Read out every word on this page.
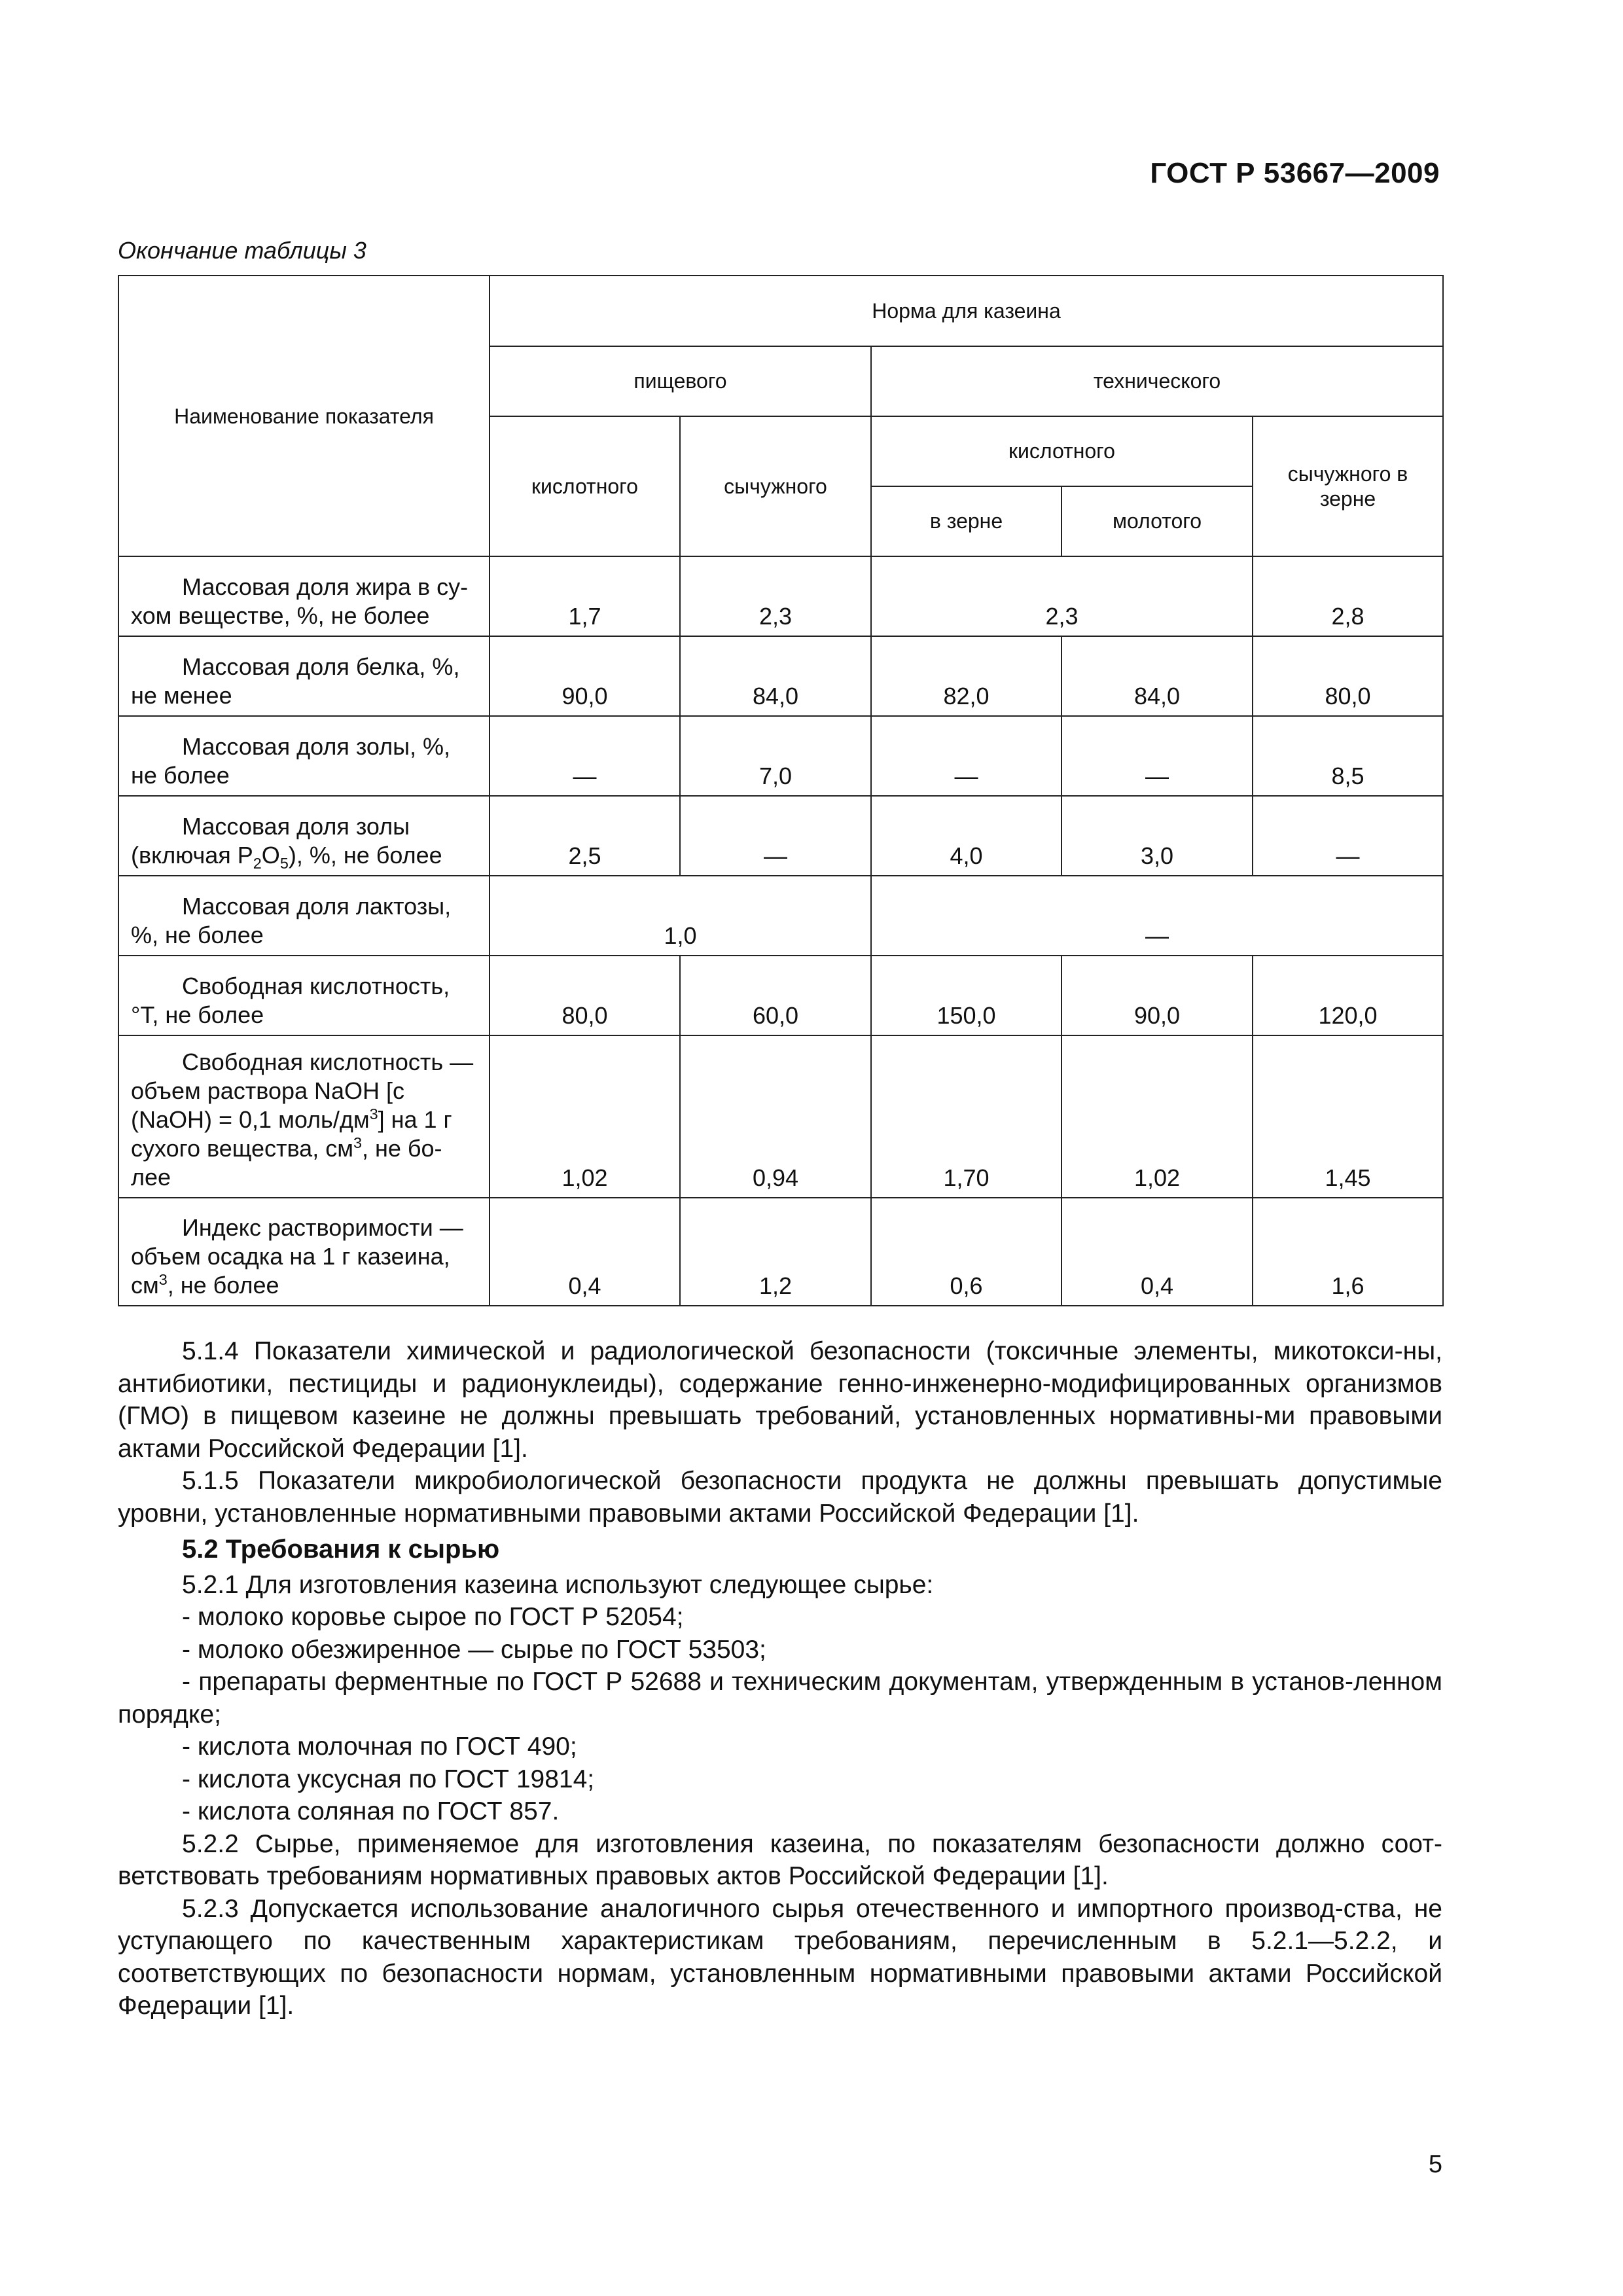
ГОСТ Р 53667—2009
Окончание таблицы 3
Наименование показателя	Норма для казеина				
	пищевого		технического		
	кислотного	сычужного	кислотного		сычужного в зерне
			в зерне	молотого	

Массовая доля жира в су-
хом веществе, %, не более	1,7	2,3	2,3		2,8

Массовая доля белка, %,
не менее	90,0	84,0	82,0	84,0	80,0

Массовая доля золы, %,
не более	—	7,0	—	—	8,5

Массовая доля золы
(включая $P_2O_5$), %, не более	2,5	—	4,0	3,0	—

Массовая доля лактозы,
%, не более	1,0		—		

Свободная кислотность,
°Т, не более	80,0	60,0	150,0	90,0	120,0

Свободная кислотность —
объем раствора NaOH [c
(NaOH) = 0,1 моль/$дм^3$] на 1 г
сухого вещества, $см^3$, не бо-
лее	1,02	0,94	1,70	1,02	1,45

Индекс растворимости —
объем осадка на 1 г казеина,
$см^3$, не более	0,4	1,2	0,6	0,4	1,6

5.1.4 Показатели химической и радиологической безопасности (токсичные элементы, микотокси-ны, антибиотики, пестициды и радионуклеиды), содержание генно-инженерно-модифицированных организмов (ГМО) в пищевом казеине не должны превышать требований, установленных нормативны-ми правовыми актами Российской Федерации [1].

5.1.5 Показатели микробиологической безопасности продукта не должны превышать допустимые уровни, установленные нормативными правовыми актами Российской Федерации [1].

5.2 Требования к сырью

5.2.1 Для изготовления казеина используют следующее сырье:

- молоко коровье сырое по ГОСТ Р 52054;

- молоко обезжиренное — сырье по ГОСТ 53503;

- препараты ферментные по ГОСТ Р 52688 и техническим документам, утвержденным в установ-ленном порядке;

- кислота молочная по ГОСТ 490;

- кислота уксусная по ГОСТ 19814;

- кислота соляная по ГОСТ 857.

5.2.2 Сырье, применяемое для изготовления казеина, по показателям безопасности должно соот-ветствовать требованиям нормативных правовых актов Российской Федерации [1].

5.2.3 Допускается использование аналогичного сырья отечественного и импортного производ-ства, не уступающего по качественным характеристикам требованиям, перечисленным в 5.2.1—5.2.2, и соответствующих по безопасности нормам, установленным нормативными правовыми актами Российской Федерации [1].

5
